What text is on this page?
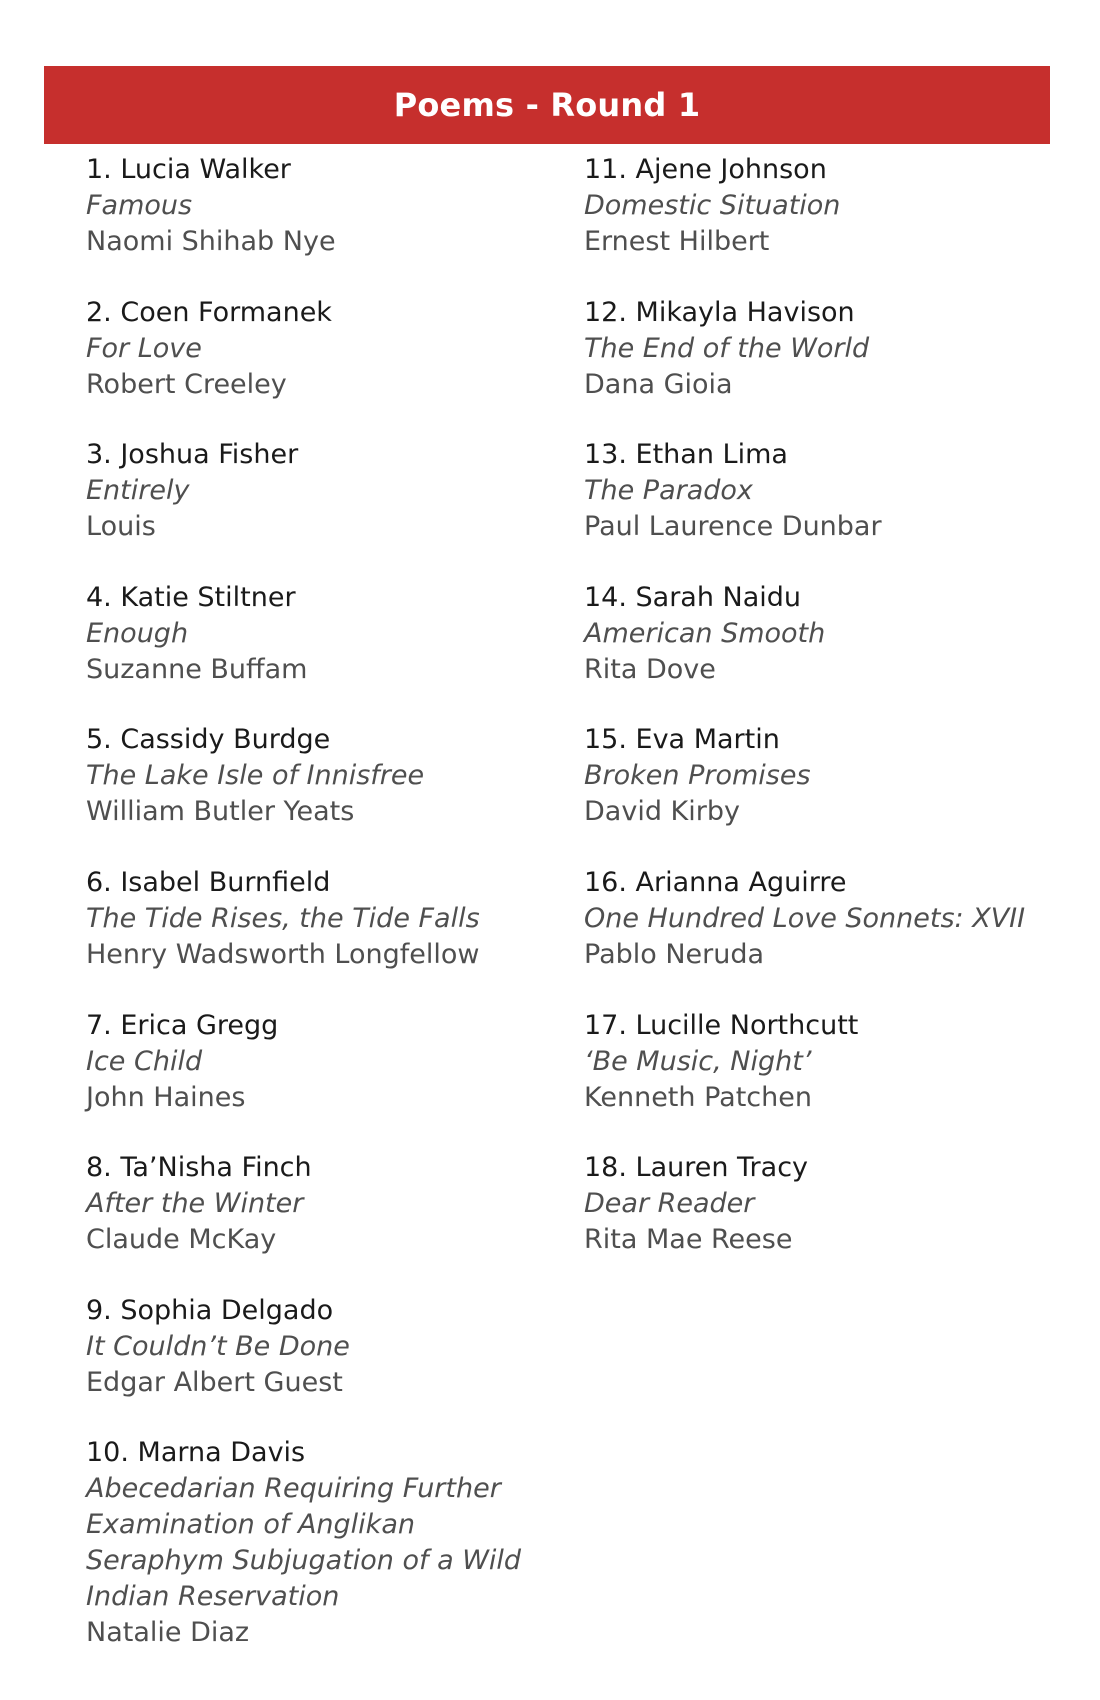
Poems - Round 1
1. Lucia Walker
Famous
Naomi Shihab Nye
2. Coen Formanek
For Love
Robert Creeley
3. Joshua Fisher
Entirely
Louis
4. Katie Stiltner
Enough
Suzanne Buffam
5. Cassidy Burdge
The Lake Isle of Innisfree
William Butler Yeats
6. Isabel Burnfield
The Tide Rises, the Tide Falls
Henry Wadsworth Longfellow
7. Erica Gregg
Ice Child
John Haines
8. Ta’Nisha Finch
After the Winter
Claude McKay
9. Sophia Delgado
It Couldn’t Be Done
Edgar Albert Guest
10. Marna Davis
Abecedarian Requiring Further
Examination of Anglikan
Seraphym Subjugation of a Wild
Indian Reservation
Natalie Diaz
11. Ajene Johnson
Domestic Situation
Ernest Hilbert
12. Mikayla Havison
The End of the World
Dana Gioia
13. Ethan Lima
The Paradox
Paul Laurence Dunbar
14. Sarah Naidu
American Smooth
Rita Dove
15. Eva Martin
Broken Promises
David Kirby
16. Arianna Aguirre
One Hundred Love Sonnets: XVII
Pablo Neruda
17. Lucille Northcutt
‘Be Music, Night’
Kenneth Patchen
18. Lauren Tracy
Dear Reader
Rita Mae Reese
